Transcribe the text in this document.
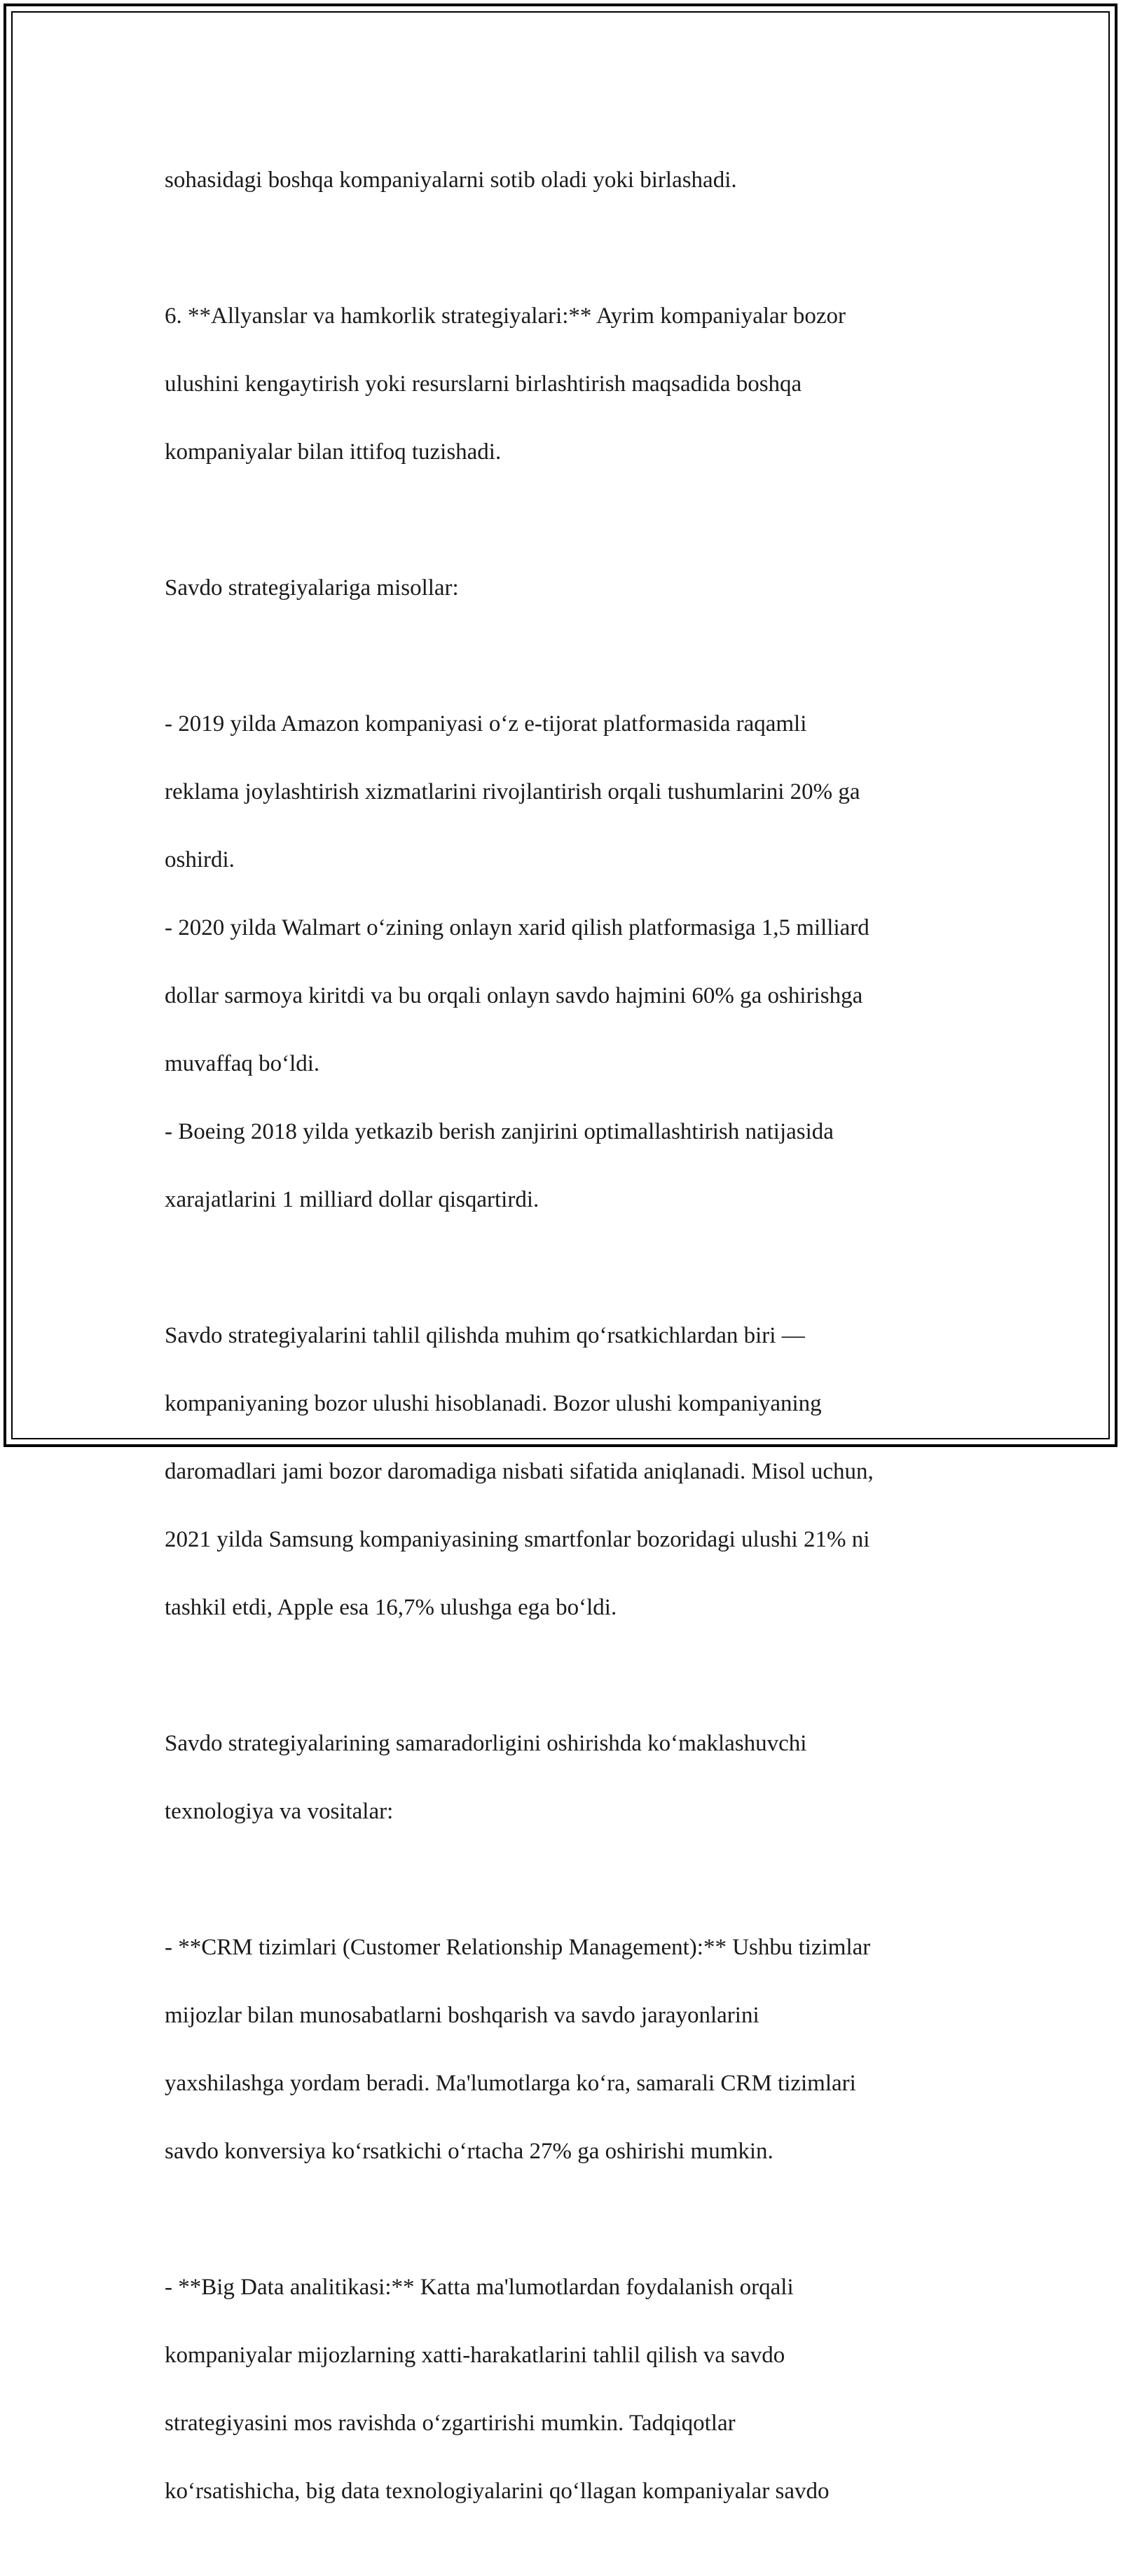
sohasidagi boshqa kompaniyalarni sotib oladi yoki birlashadi.

6. **Allyanslar va hamkorlik strategiyalari:** Ayrim kompaniyalar bozor

ulushini kengaytirish yoki resurslarni birlashtirish maqsadida boshqa

kompaniyalar bilan ittifoq tuzishadi.

Savdo strategiyalariga misollar:

- 2019 yilda Amazon kompaniyasi o‘z e-tijorat platformasida raqamli

reklama joylashtirish xizmatlarini rivojlantirish orqali tushumlarini 20% ga

oshirdi.

- 2020 yilda Walmart o‘zining onlayn xarid qilish platformasiga 1,5 milliard

dollar sarmoya kiritdi va bu orqali onlayn savdo hajmini 60% ga oshirishga

muvaffaq bo‘ldi.

- Boeing 2018 yilda yetkazib berish zanjirini optimallashtirish natijasida

xarajatlarini 1 milliard dollar qisqartirdi.

Savdo strategiyalarini tahlil qilishda muhim qo‘rsatkichlardan biri —

kompaniyaning bozor ulushi hisoblanadi. Bozor ulushi kompaniyaning

daromadlari jami bozor daromadiga nisbati sifatida aniqlanadi. Misol uchun,

2021 yilda Samsung kompaniyasining smartfonlar bozoridagi ulushi 21% ni

tashkil etdi, Apple esa 16,7% ulushga ega bo‘ldi.

Savdo strategiyalarining samaradorligini oshirishda ko‘maklashuvchi

texnologiya va vositalar:

- **CRM tizimlari (Customer Relationship Management):** Ushbu tizimlar

mijozlar bilan munosabatlarni boshqarish va savdo jarayonlarini

yaxshilashga yordam beradi. Ma'lumotlarga ko‘ra, samarali CRM tizimlari

savdo konversiya ko‘rsatkichi o‘rtacha 27% ga oshirishi mumkin.

- **Big Data analitikasi:** Katta ma'lumotlardan foydalanish orqali

kompaniyalar mijozlarning xatti-harakatlarini tahlil qilish va savdo

strategiyasini mos ravishda o‘zgartirishi mumkin. Tadqiqotlar

ko‘rsatishicha, big data texnologiyalarini qo‘llagan kompaniyalar savdo
